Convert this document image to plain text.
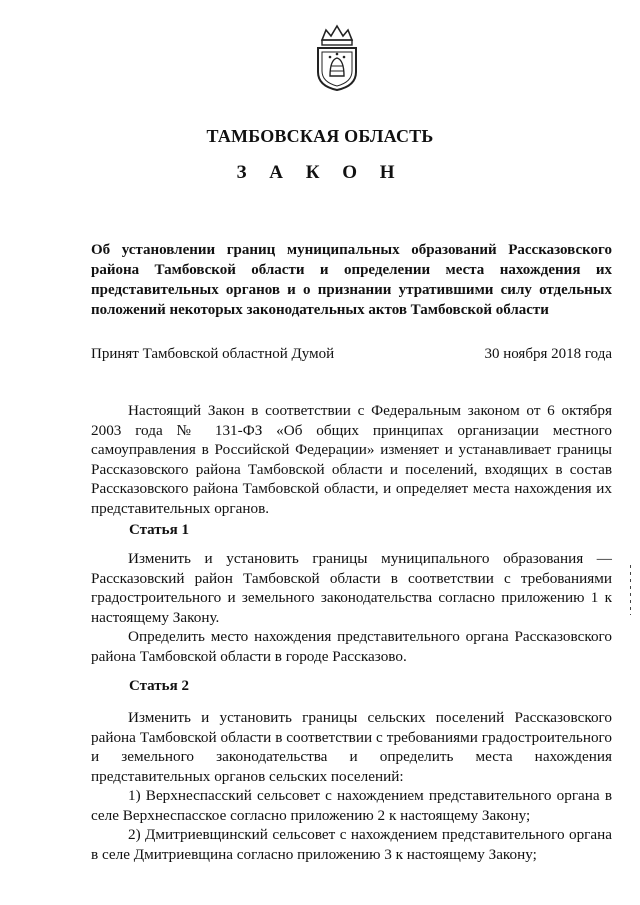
ТАМБОВСКАЯ ОБЛАСТЬ
З А К О Н
Об установлении границ муниципальных образований Рассказовского района Тамбовской области и определении места нахождения их представительных органов и о признании утратившими силу отдельных положений некоторых законодательных актов Тамбовской области
Принят Тамбовской областной Думой	30 ноября 2018 года

Настоящий Закон в соответствии с Федеральным законом от 6 октября 2003 года № 131-ФЗ «Об общих принципах организации местного самоуправления в Российской Федерации» изменяет и устанавливает границы Рассказовского района Тамбовской области и поселений, входящих в состав Рассказовского района Тамбовской области, и определяет места нахождения их представительных органов.

Статья 1

Изменить и установить границы муниципального образования — Рассказовский район Тамбовской области в соответствии с требованиями градостроительного и земельного законодательства согласно приложению 1 к настоящему Закону.

Определить место нахождения представительного органа Рассказовского района Тамбовской области в городе Рассказово.

Статья 2

Изменить и установить границы сельских поселений Рассказовского района Тамбовской области в соответствии с требованиями градостроительного и земельного законодательства и определить места нахождения представительных органов сельских поселений:

1) Верхнеспасский сельсовет с нахождением представительного органа в селе Верхнеспасское согласно приложению 2 к настоящему Закону;

2) Дмитриевщинский сельсовет с нахождением представительного органа в селе Дмитриевщина согласно приложению 3 к настоящему Закону;
